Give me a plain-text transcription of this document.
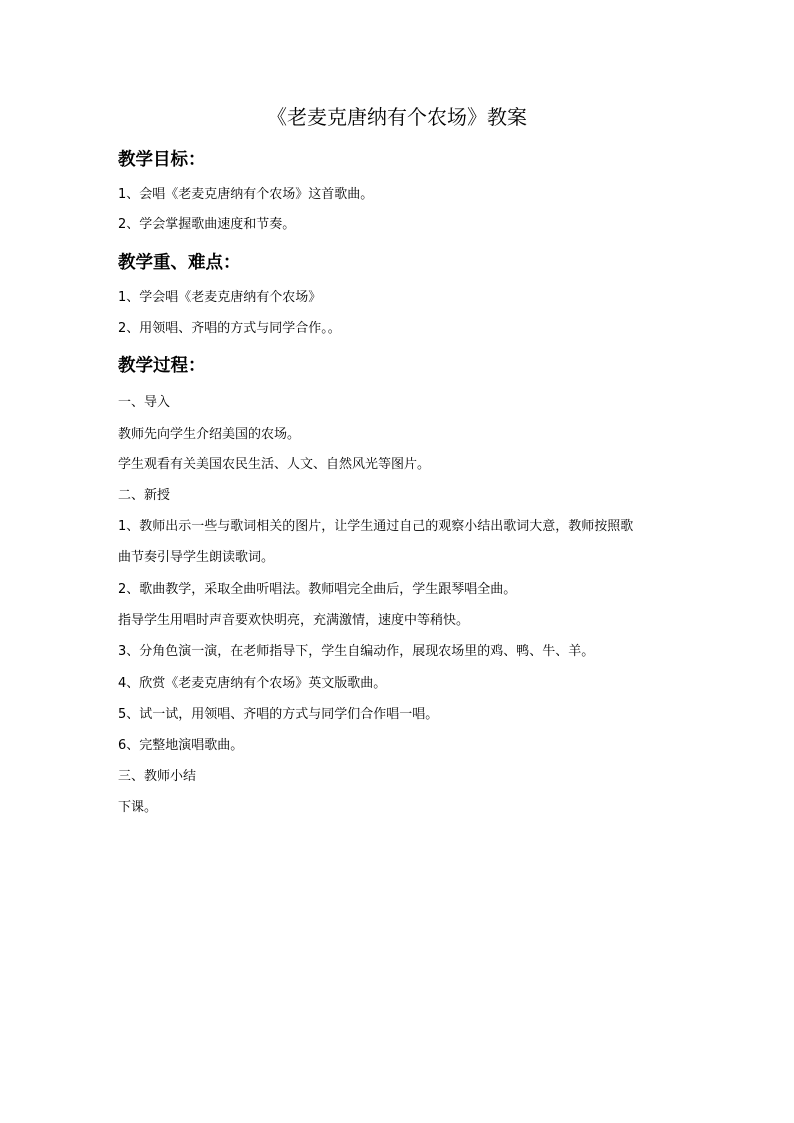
《老麦克唐纳有个农场》教案
教学目标：
1、会唱《老麦克唐纳有个农场》这首歌曲。
2、学会掌握歌曲速度和节奏。
教学重、难点：
1、学会唱《老麦克唐纳有个农场》
2、用领唱、齐唱的方式与同学合作。。
教学过程：
一、导入
教师先向学生介绍美国的农场。
学生观看有关美国农民生活、人文、自然风光等图片。
二、新授
1、教师出示一些与歌词相关的图片，让学生通过自己的观察小结出歌词大意，教师按照歌
曲节奏引导学生朗读歌词。
2、歌曲教学，采取全曲听唱法。教师唱完全曲后，学生跟琴唱全曲。
指导学生用唱时声音要欢快明亮，充满激情，速度中等稍快。
3、分角色演一演，在老师指导下，学生自编动作，展现农场里的鸡、鸭、牛、羊。
4、欣赏《老麦克唐纳有个农场》英文版歌曲。
5、试一试，用领唱、齐唱的方式与同学们合作唱一唱。
6、完整地演唱歌曲。
三、教师小结
下课。
